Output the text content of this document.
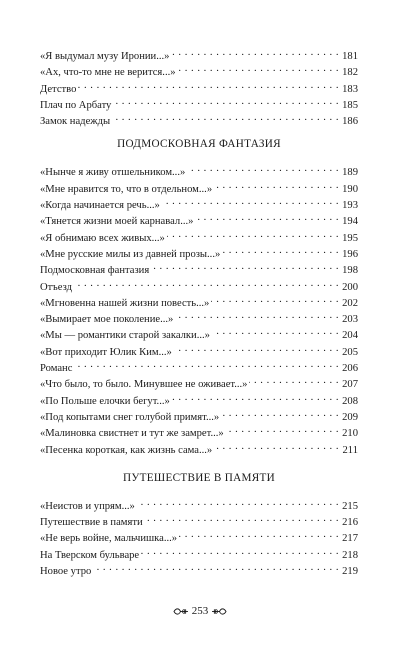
«Я выдумал музу Иронии...» . . .	181
«Ах, что-то мне не верится...» . . .	182
Детство . . .	183
Плач по Арбату . . .	185
Замок надежды . . .	186
ПОДМОСКОВНАЯ ФАНТАЗИЯ
«Нынче я живу отшельником...» . . .	189
«Мне нравится то, что в отдельном...» . . .	190
«Когда начинается речь...» . . .	193
«Тянется жизни моей карнавал...» . . .	194
«Я обнимаю всех живых...» . . .	195
«Мне русские милы из давней прозы...» . . .	196
Подмосковная фантазия . . .	198
Отъезд . . .	200
«Мгновенна нашей жизни повесть...» . . .	202
«Вымирает мое поколение...» . . .	203
«Мы — романтики старой закалки...» . . .	204
«Вот приходит Юлик Ким...» . . .	205
Романс . . .	206
«Что было, то было. Минувшее не оживает...» . . .	207
«По Польше елочки бегут...» . . .	208
«Под копытами снег голубой примят...» . . .	209
«Малиновка свистнет и тут же замрет...» . . .	210
«Песенка короткая, как жизнь сама...» . . .	211
ПУТЕШЕСТВИЕ В ПАМЯТИ
«Неистов и упрям...» . . .	215
Путешествие в памяти . . .	216
«Не верь войне, мальчишка...» . . .	217
На Тверском бульваре . . .	218
Новое утро . . .	219
253
